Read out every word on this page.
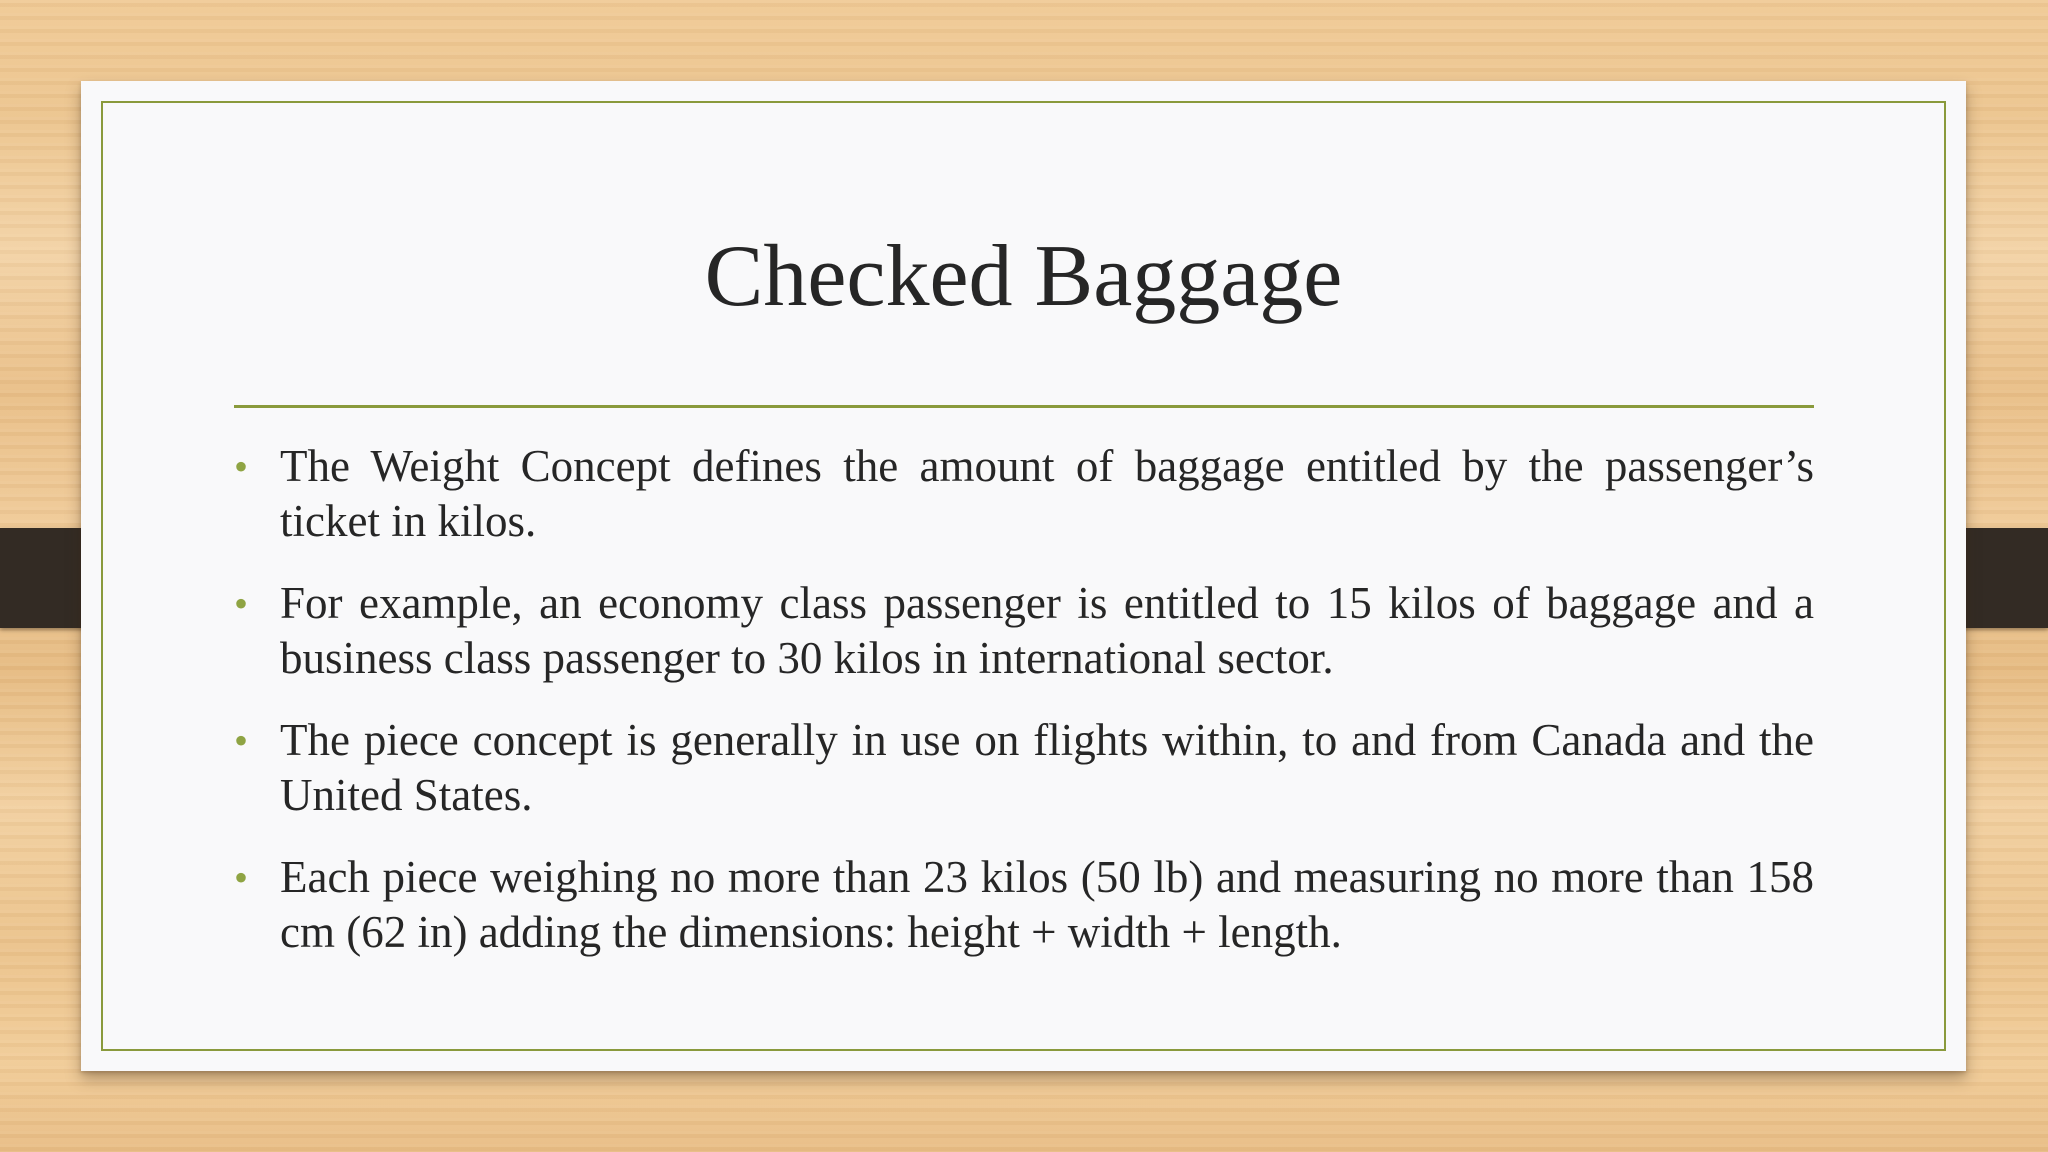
Checked Baggage
• The Weight Concept defines the amount of baggage entitled by the passenger’s ticket in kilos.
• For example, an economy class passenger is entitled to 15 kilos of baggage and a business class passenger to 30 kilos in international sector.
• The piece concept is generally in use on flights within, to and from Canada and the United States.
• Each piece weighing no more than 23 kilos (50 lb) and measuring no more than 158 cm (62 in) adding the dimensions: height + width + length.
